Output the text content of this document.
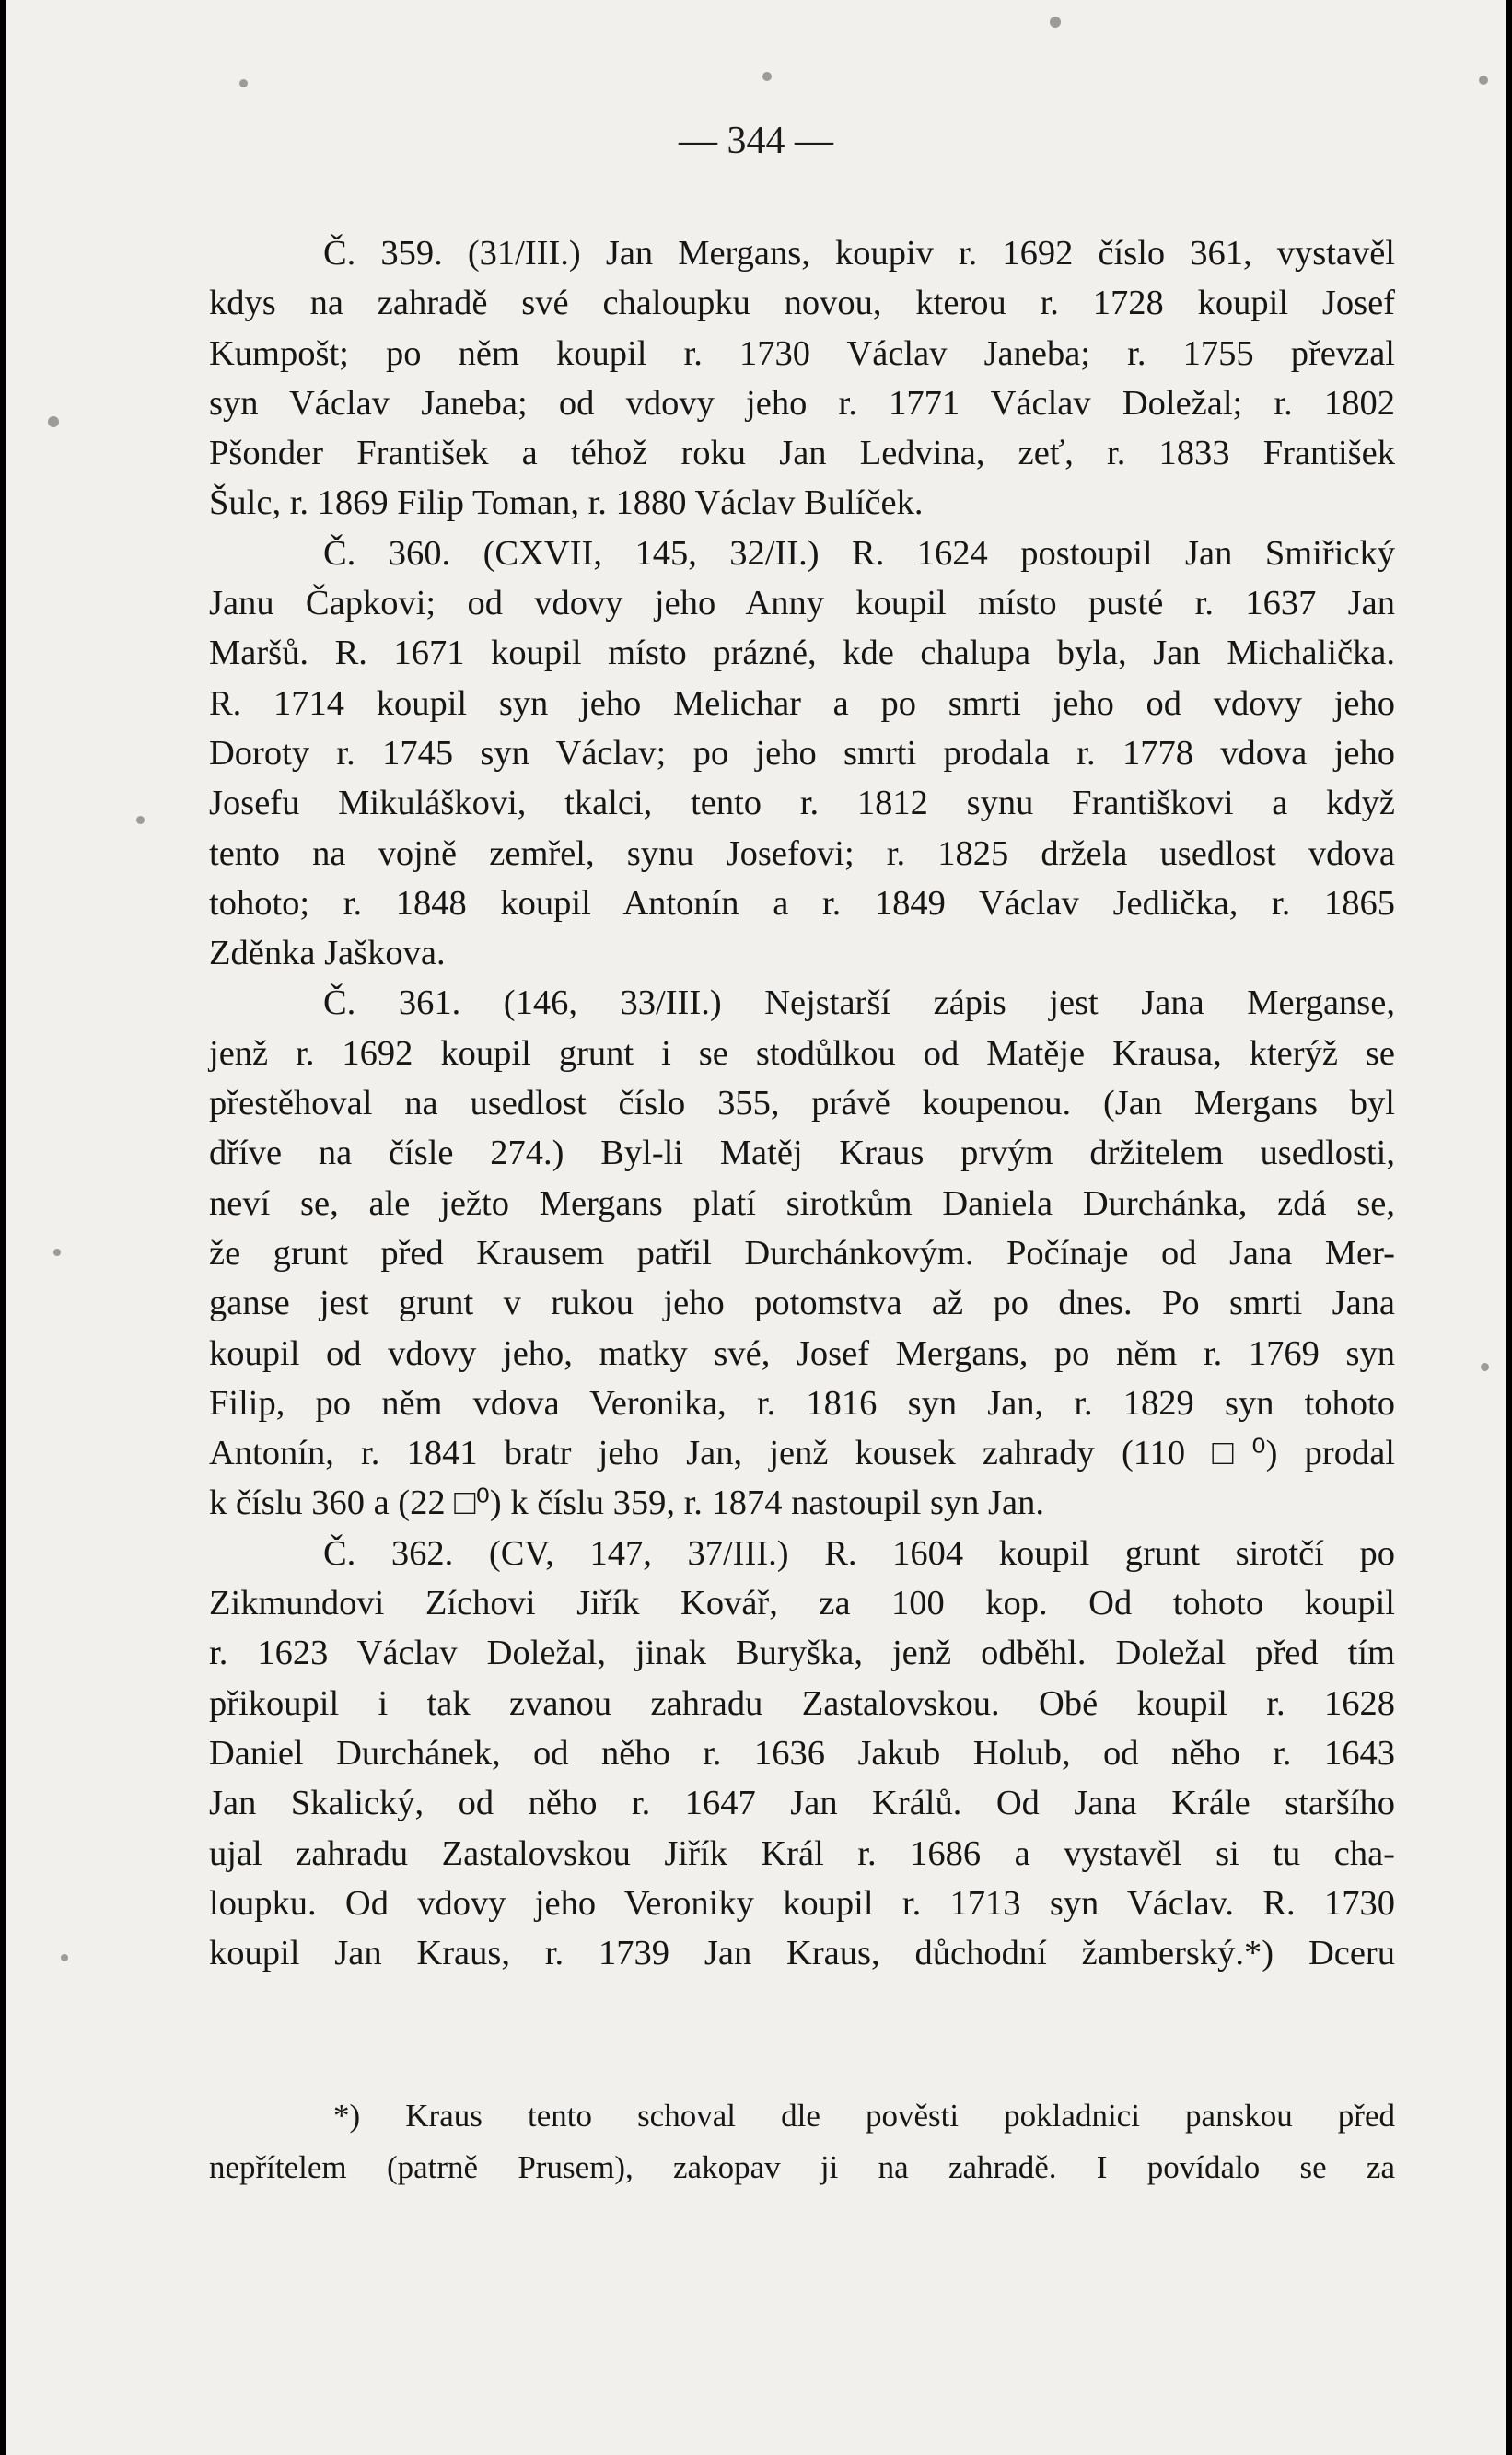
— 344 —
Č. 359. (31/III.) Jan Mergans, koupiv r. 1692 číslo 361, vystavěl
kdys na zahradě své chaloupku novou, kterou r. 1728 koupil Josef
Kumpošt; po něm koupil r. 1730 Václav Janeba; r. 1755 převzal
syn Václav Janeba; od vdovy jeho r. 1771 Václav Doležal; r. 1802
Pšonder František a téhož roku Jan Ledvina, zeť, r. 1833 František
Šulc, r. 1869 Filip Toman, r. 1880 Václav Bulíček.
Č. 360. (CXVII, 145, 32/II.) R. 1624 postoupil Jan Smiřický
Janu Čapkovi; od vdovy jeho Anny koupil místo pusté r. 1637 Jan
Maršů. R. 1671 koupil místo prázné, kde chalupa byla, Jan Michalička.
R. 1714 koupil syn jeho Melichar a po smrti jeho od vdovy jeho
Doroty r. 1745 syn Václav; po jeho smrti prodala r. 1778 vdova jeho
Josefu Mikuláškovi, tkalci, tento r. 1812 synu Františkovi a když
tento na vojně zemřel, synu Josefovi; r. 1825 držela usedlost vdova
tohoto; r. 1848 koupil Antonín a r. 1849 Václav Jedlička, r. 1865
Zděnka Jaškova.
Č. 361. (146, 33/III.) Nejstarší zápis jest Jana Merganse,
jenž r. 1692 koupil grunt i se stodůlkou od Matěje Krausa, kterýž se
přestěhoval na usedlost číslo 355, právě koupenou. (Jan Mergans byl
dříve na čísle 274.) Byl-li Matěj Kraus prvým držitelem usedlosti,
neví se, ale ježto Mergans platí sirotkům Daniela Durchánka, zdá se,
že grunt před Krausem patřil Durchánkovým. Počínaje od Jana Mer-
ganse jest grunt v rukou jeho potomstva až po dnes. Po smrti Jana
koupil od vdovy jeho, matky své, Josef Mergans, po něm r. 1769 syn
Filip, po něm vdova Veronika, r. 1816 syn Jan, r. 1829 syn tohoto
Antonín, r. 1841 bratr jeho Jan, jenž kousek zahrady (110 □⁰) prodal
k číslu 360 a (22 □⁰) k číslu 359, r. 1874 nastoupil syn Jan.
Č. 362. (CV, 147, 37/III.) R. 1604 koupil grunt sirotčí po
Zikmundovi Zíchovi Jiřík Kovář, za 100 kop. Od tohoto koupil
r. 1623 Václav Doležal, jinak Buryška, jenž odběhl. Doležal před tím
přikoupil i tak zvanou zahradu Zastalovskou. Obé koupil r. 1628
Daniel Durchánek, od něho r. 1636 Jakub Holub, od něho r. 1643
Jan Skalický, od něho r. 1647 Jan Králů. Od Jana Krále staršího
ujal zahradu Zastalovskou Jiřík Král r. 1686 a vystavěl si tu cha-
loupku. Od vdovy jeho Veroniky koupil r. 1713 syn Václav. R. 1730
koupil Jan Kraus, r. 1739 Jan Kraus, důchodní žamberský.*) Dceru
*) Kraus tento schoval dle pověsti pokladnici panskou před
nepřítelem (patrně Prusem), zakopav ji na zahradě. I povídalo se za
